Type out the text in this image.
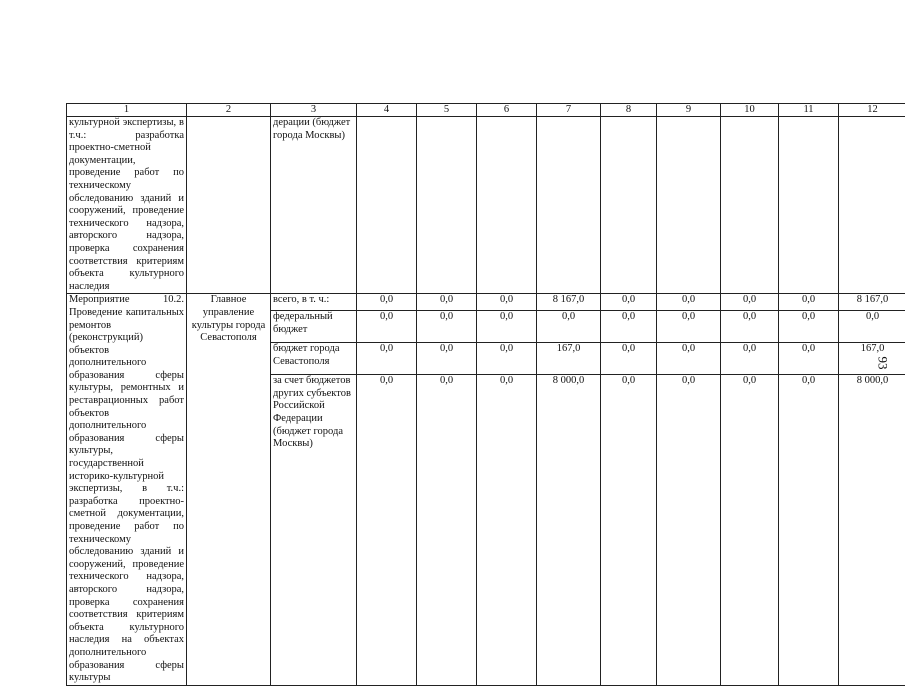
1	2	3	4	5	6	7	8	9	10	11	12
культурной экспертизы, в т.ч.: разработка проектно-сметной документации, проведение работ по техническому обследованию зданий и сооружений, проведение технического надзора, авторского надзора, проверка сохранения соответствия критериям объекта культурного наследия		дерации (бюджет города Москвы)									
Мероприятие 10.2. Проведение капитальных ремонтов (реконструкций) объектов дополнительного образования сферы культуры, ремонтных и реставрационных работ объектов дополнительного образования сферы культуры, государственной историко-культурной экспертизы, в т.ч.: разработка проектно-сметной документации, проведение работ по техническому обследованию зданий и сооружений, проведение технического надзора, авторского надзора, проверка сохранения соответствия критериям объекта культурного наследия на объектах дополнительного образования сферы культуры	Главное управление культуры города Севастополя	всего, в т. ч.:	0,0	0,0	0,0	8 167,0	0,0	0,0	0,0	0,0	8 167,0
		федеральный бюджет	0,0	0,0	0,0	0,0	0,0	0,0	0,0	0,0	0,0
		бюджет города Севастополя	0,0	0,0	0,0	167,0	0,0	0,0	0,0	0,0	167,0
		за счет бюджетов других субъектов Российской Федерации (бюджет города Москвы)	0,0	0,0	0,0	8 000,0	0,0	0,0	0,0	0,0	8 000,0
93
